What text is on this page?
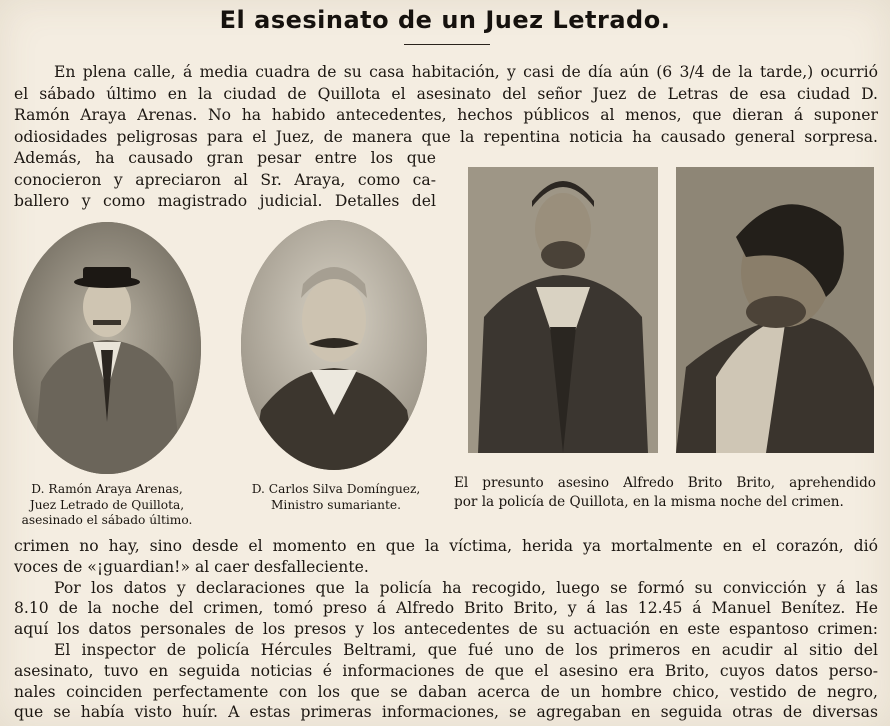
El asesinato de un Juez Letrado.
En plena calle, á media cuadra de su casa habitación, y casi de día aún (6 3/4 de la tarde,) ocurrió
el sábado último en la ciudad de Quillota el asesinato del señor Juez de Letras de esa ciudad D.
Ramón Araya Arenas. No ha habido antecedentes, hechos públicos al menos, que dieran á suponer
odiosidades peligrosas para el Juez, de manera que la repentina noticia ha causado general sorpresa.
Además, ha causado gran pesar entre los que
conocieron y apreciaron al Sr. Araya, como ca-
ballero y como magistrado judicial. Detalles del
D. Ramón Araya Arenas,
Juez Letrado de Quillota,
asesinado el sábado último.
D. Carlos Silva Domínguez,
Ministro sumariante.
El presunto asesino Alfredo Brito Brito, aprehendido
por la policía de Quillota, en la misma noche del crimen.
crimen no hay, sino desde el momento en que la víctima, herida ya mortalmente en el corazón, dió
voces de «¡guardian!» al caer desfalleciente.
Por los datos y declaraciones que la policía ha recogido, luego se formó su convicción y á las
8.10 de la noche del crimen, tomó preso á Alfredo Brito Brito, y á las 12.45 á Manuel Benítez. He
aquí los datos personales de los presos y los antecedentes de su actuación en este espantoso crimen:
El inspector de policía Hércules Beltrami, que fué uno de los primeros en acudir al sitio del
asesinato, tuvo en seguida noticias é informaciones de que el asesino era Brito, cuyos datos perso-
nales coinciden perfectamente con los que se daban acerca de un hombre chico, vestido de negro,
que se había visto huír. A estas primeras informaciones, se agregaban en seguida otras de diversas
